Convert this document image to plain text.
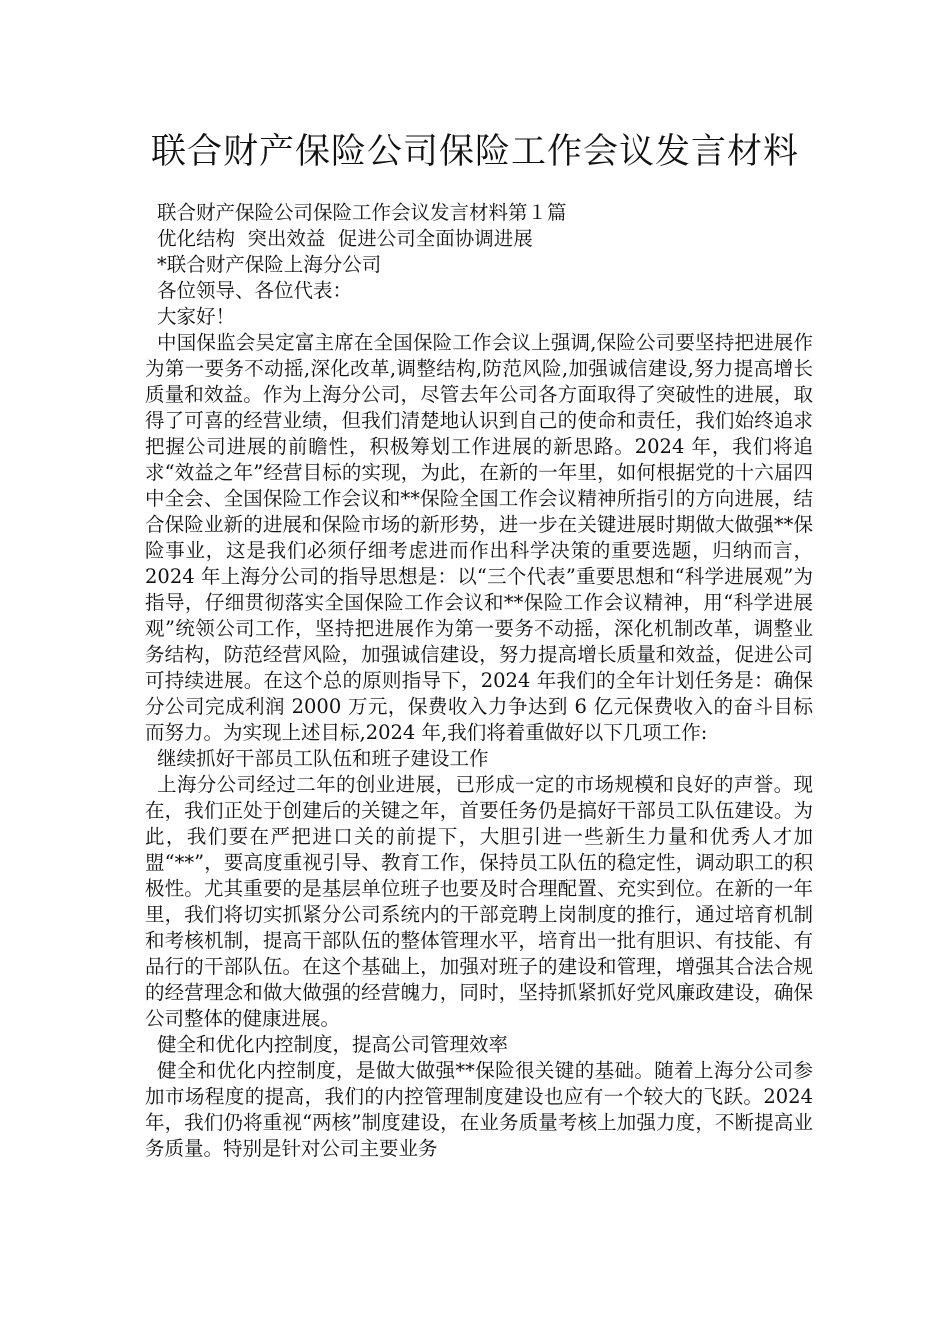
联合财产保险公司保险工作会议发言材料

联合财产保险公司保险工作会议发言材料第１篇

优化结构  突出效益  促进公司全面协调进展

*联合财产保险上海分公司

各位领导、各位代表：

大家好！

中国保监会吴定富主席在全国保险工作会议上强调,保险公司要坚持把进展作为第一要务不动摇,深化改革,调整结构,防范风险,加强诚信建设,努力提高增长质量和效益。作为上海分公司，尽管去年公司各方面取得了突破性的进展，取得了可喜的经营业绩，但我们清楚地认识到自己的使命和责任，我们始终追求把握公司进展的前瞻性，积极筹划工作进展的新思路。2024 年，我们将追求“效益之年”经营目标的实现，为此，在新的一年里，如何根据党的十六届四中全会、全国保险工作会议和**保险全国工作会议精神所指引的方向进展，结合保险业新的进展和保险市场的新形势，进一步在关键进展时期做大做强**保险事业，这是我们必须仔细考虑进而作出科学决策的重要选题，归纳而言，2024 年上海分公司的指导思想是：以“三个代表”重要思想和“科学进展观”为指导，仔细贯彻落实全国保险工作会议和**保险工作会议精神，用“科学进展观”统领公司工作，坚持把进展作为第一要务不动摇，深化机制改革，调整业务结构，防范经营风险，加强诚信建设，努力提高增长质量和效益，促进公司可持续进展。在这个总的原则指导下，2024 年我们的全年计划任务是：确保分公司完成利润 2000 万元，保费收入力争达到 6 亿元保费收入的奋斗目标而努力。为实现上述目标,2024 年,我们将着重做好以下几项工作:

继续抓好干部员工队伍和班子建设工作

上海分公司经过二年的创业进展，已形成一定的市场规模和良好的声誉。现在，我们正处于创建后的关键之年，首要任务仍是搞好干部员工队伍建设。为此，我们要在严把进口关的前提下，大胆引进一些新生力量和优秀人才加盟“**”，要高度重视引导、教育工作，保持员工队伍的稳定性，调动职工的积极性。尤其重要的是基层单位班子也要及时合理配置、充实到位。在新的一年里，我们将切实抓紧分公司系统内的干部竞聘上岗制度的推行，通过培育机制和考核机制，提高干部队伍的整体管理水平，培育出一批有胆识、有技能、有品行的干部队伍。在这个基础上，加强对班子的建设和管理，增强其合法合规的经营理念和做大做强的经营魄力，同时，坚持抓紧抓好党风廉政建设，确保公司整体的健康进展。

健全和优化内控制度，提高公司管理效率

健全和优化内控制度，是做大做强**保险很关键的基础。随着上海分公司参加市场程度的提高，我们的内控管理制度建设也应有一个较大的飞跃。2024 年，我们仍将重视“两核”制度建设，在业务质量考核上加强力度，不断提高业务质量。特别是针对公司主要业务
